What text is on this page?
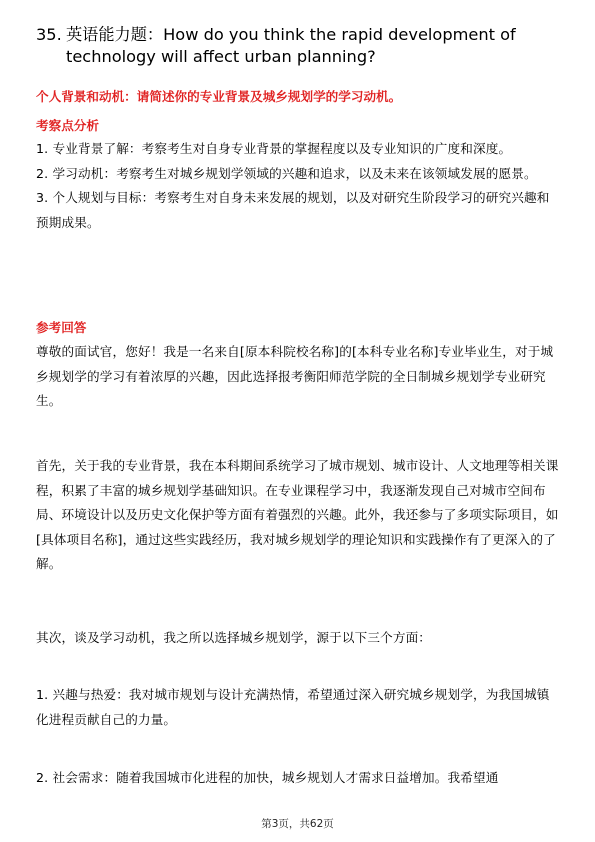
35. 英语能力题：How do you think the rapid development of
technology will affect urban planning?
个人背景和动机：请简述你的专业背景及城乡规划学的学习动机。
考察点分析

1. 专业背景了解：考察考生对自身专业背景的掌握程度以及专业知识的广度和深度。

2. 学习动机：考察考生对城乡规划学领域的兴趣和追求，以及未来在该领域发展的愿景。

3. 个人规划与目标：考察考生对自身未来发展的规划，以及对研究生阶段学习的研究兴趣和预期成果。

参考回答
尊敬的面试官，您好！我是一名来自[原本科院校名称]的[本科专业名称]专业毕业生，对于城乡规划学的学习有着浓厚的兴趣，因此选择报考衡阳师范学院的全日制城乡规划学专业研究生。
首先，关于我的专业背景，我在本科期间系统学习了城市规划、城市设计、人文地理等相关课程，积累了丰富的城乡规划学基础知识。在专业课程学习中，我逐渐发现自己对城市空间布局、环境设计以及历史文化保护等方面有着强烈的兴趣。此外，我还参与了多项实际项目，如[具体项目名称]，通过这些实践经历，我对城乡规划学的理论知识和实践操作有了更深入的了解。
其次，谈及学习动机，我之所以选择城乡规划学，源于以下三个方面：
1. 兴趣与热爱：我对城市规划与设计充满热情，希望通过深入研究城乡规划学，为我国城镇化进程贡献自己的力量。
2. 社会需求：随着我国城市化进程的加快，城乡规划人才需求日益增加。我希望通
第3页，共62页
